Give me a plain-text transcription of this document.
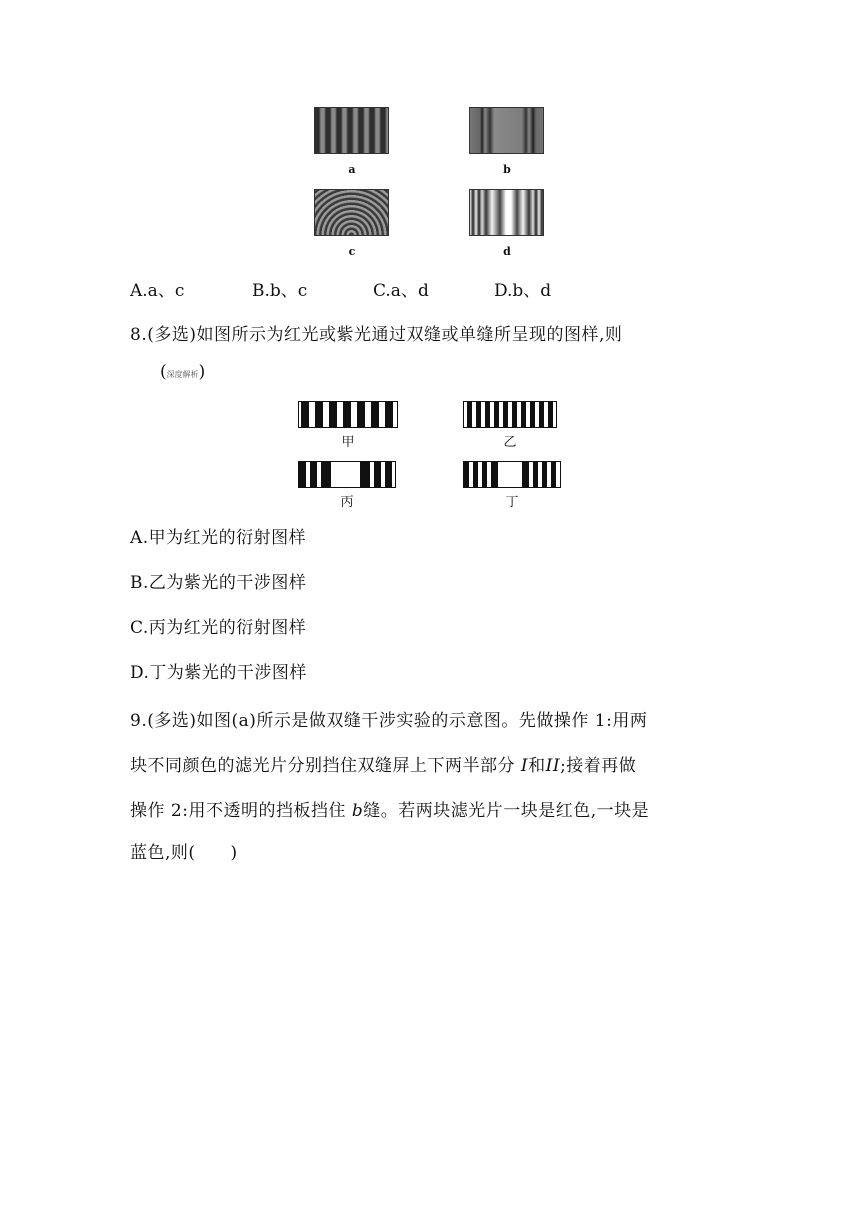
a	b
c	d
A.a、c	B.b、c	C.a、d	D.b、d
8.(多选)如图所示为红光或紫光通过双缝或单缝所呈现的图样,则
(深度解析)
甲	乙
丙	丁
A.甲为红光的衍射图样
B.乙为紫光的干涉图样
C.丙为红光的衍射图样
D.丁为紫光的干涉图样
9.(多选)如图(a)所示是做双缝干涉实验的示意图。先做操作 1:用两
块不同颜色的滤光片分别挡住双缝屏上下两半部分 I和II;接着再做
操作 2:用不透明的挡板挡住 b缝。若两块滤光片一块是红色,一块是
蓝色,则(　　)
